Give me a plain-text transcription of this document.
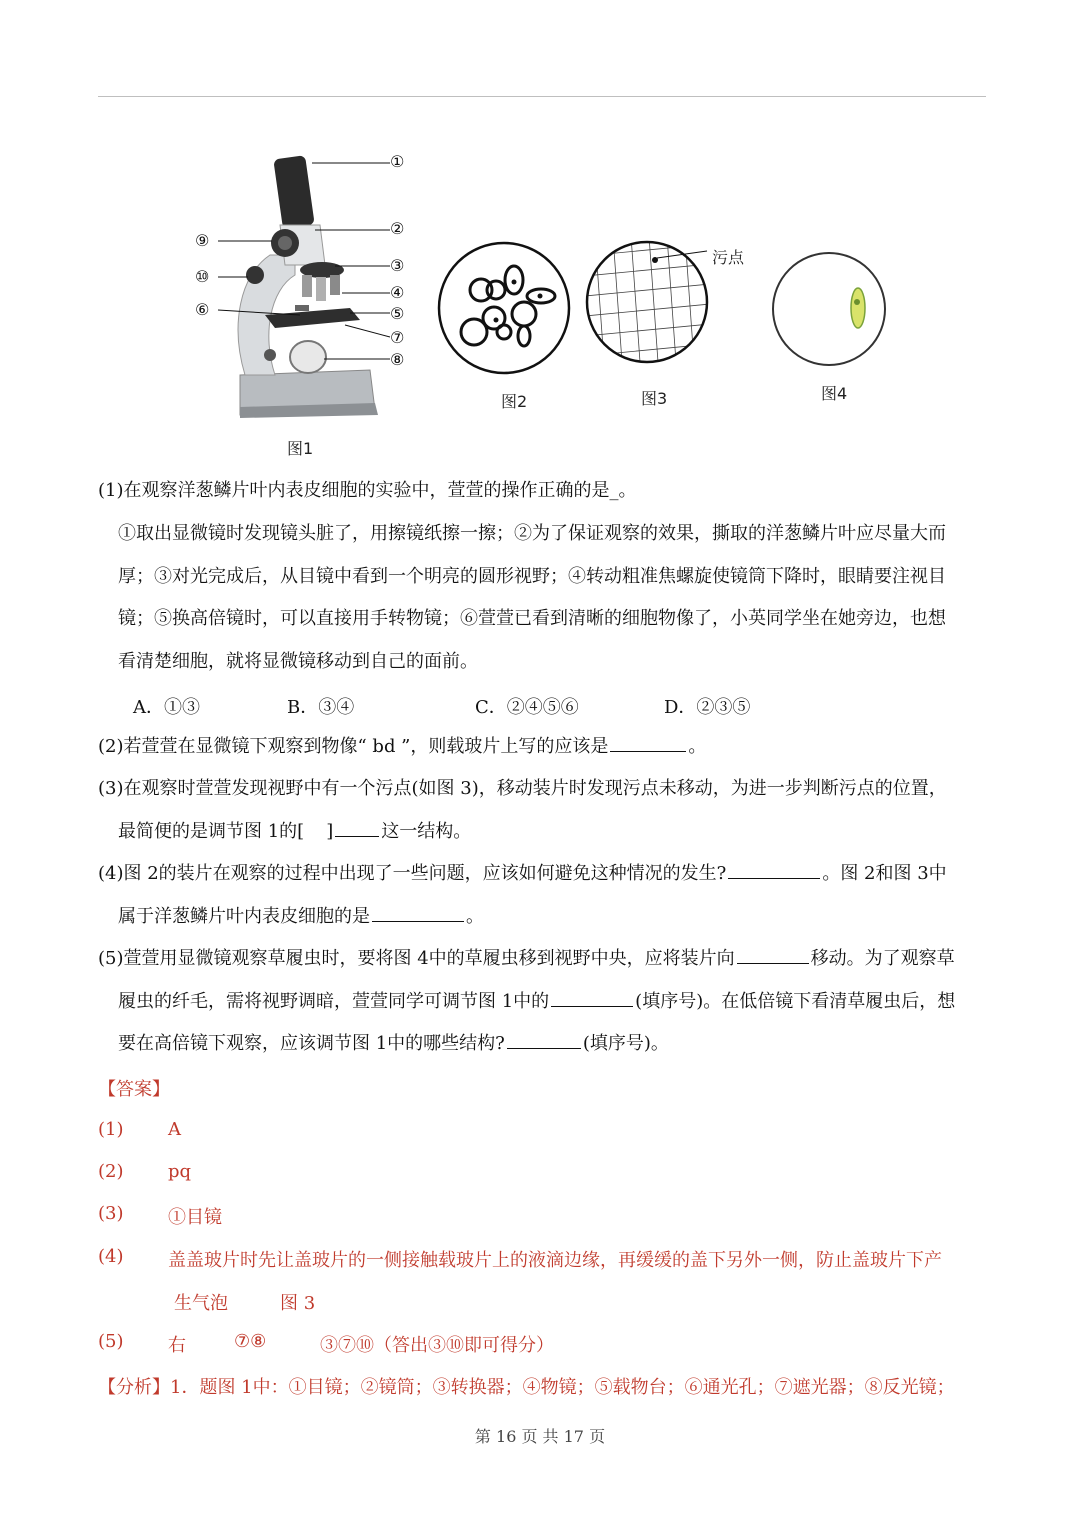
①
②
③
④
⑤
⑦
⑧
⑨
⑩
⑥
图1
图2
污点
图3	图4
(1)在观察洋葱鳞片叶内表皮细胞的实验中，萱萱的操作正确的是_。
①取出显微镜时发现镜头脏了，用擦镜纸擦一擦；②为了保证观察的效果，撕取的洋葱鳞片叶应尽量大而
厚；③对光完成后，从目镜中看到一个明亮的圆形视野；④转动粗准焦螺旋使镜筒下降时，眼睛要注视目
镜；⑤换高倍镜时，可以直接用手转物镜；⑥萱萱已看到清晰的细胞物像了，小英同学坐在她旁边，也想
看清楚细胞，就将显微镜移动到自己的面前。
A．①③	B．③④	C．②④⑤⑥	D．②③⑤
(2)若萱萱在显微镜下观察到物像“ bd ”，则载玻片上写的应该是	。
(3)在观察时萱萱发现视野中有一个污点(如图 3)，移动装片时发现污点未移动，为进一步判断污点的位置，
最简便的是调节图 1的[ ]	这一结构。
(4)图 2的装片在观察的过程中出现了一些问题，应该如何避免这种情况的发生?	。图 2和图 3中
属于洋葱鳞片叶内表皮细胞的是	。
(5)萱萱用显微镜观察草履虫时，要将图 4中的草履虫移到视野中央，应将装片向	移动。为了观察草
履虫的纤毛，需将视野调暗，萱萱同学可调节图 1中的	(填序号)。在低倍镜下看清草履虫后，想
要在高倍镜下观察，应该调节图 1中的哪些结构?	(填序号)。
【答案】
(1) A
(2) pq
(3) ①目镜
(4) 盖盖玻片时先让盖玻片的一侧接触载玻片上的液滴边缘，再缓缓的盖下另外一侧，防止盖玻片下产
生气泡	图 3
(5) 右	⑦⑧	③⑦⑩（答出③⑩即可得分）
【分析】1．题图 1中：①目镜；②镜筒；③转换器；④物镜；⑤载物台；⑥通光孔；⑦遮光器；⑧反光镜；
第 16 页 共 17 页
